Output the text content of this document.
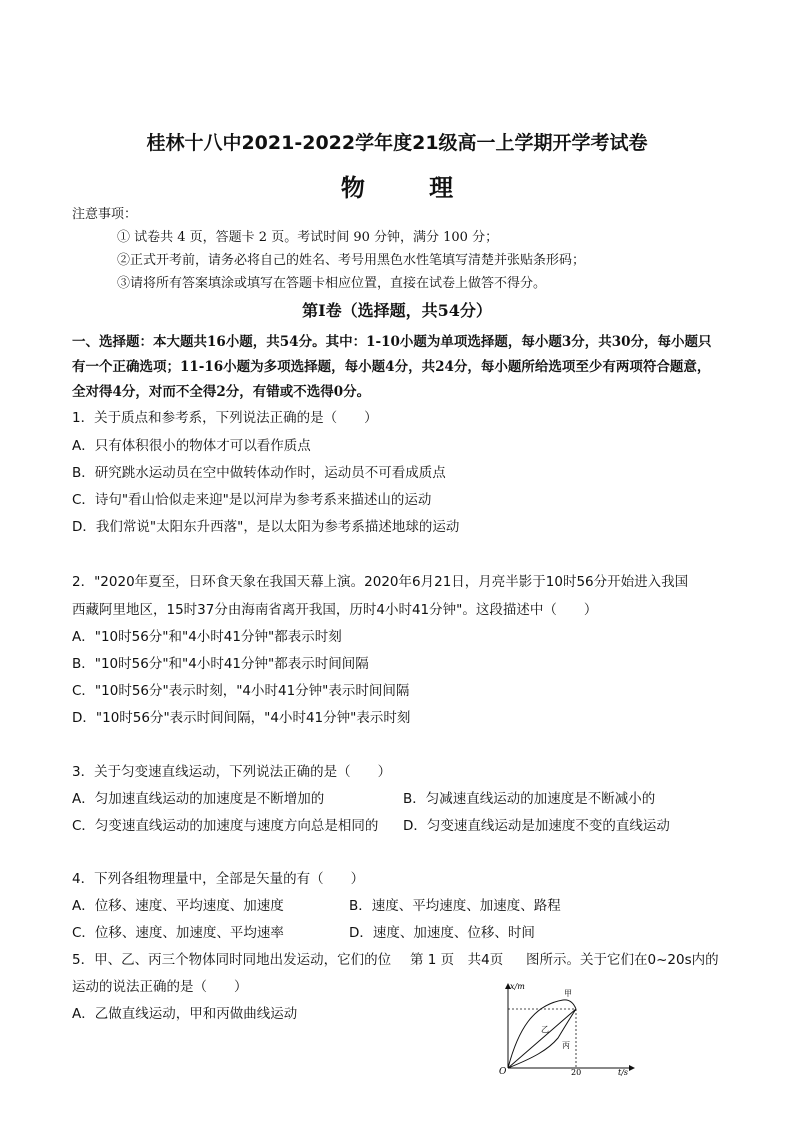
桂林十八中2021-2022学年度21级高一上学期开学考试卷
物 理
注意事项：
① 试卷共 4 页，答题卡 2 页。考试时间 90 分钟，满分 100 分；
②正式开考前，请务必将自己的姓名、考号用黑色水性笔填写清楚并张贴条形码；
③请将所有答案填涂或填写在答题卡相应位置，直接在试卷上做答不得分。
第Ⅰ卷（选择题，共54分）
一、选择题：本大题共16小题，共54分。其中：1-10小题为单项选择题，每小题3分，共30分，每小题只有一个正确选项；11-16小题为多项选择题，每小题4分，共24分，每小题所给选项至少有两项符合题意，全对得4分，对而不全得2分，有错或不选得0分。
1．关于质点和参考系，下列说法正确的是（　　）
A．只有体积很小的物体才可以看作质点
B．研究跳水运动员在空中做转体动作时，运动员不可看成质点
C．诗句"看山恰似走来迎"是以河岸为参考系来描述山的运动
D．我们常说"太阳东升西落"，是以太阳为参考系描述地球的运动
2．"2020年夏至，日环食天象在我国天幕上演。2020年6月21日，月亮半影于10时56分开始进入我国
西藏阿里地区，15时37分由海南省离开我国，历时4小时41分钟"。这段描述中（　　）
A．"10时56分"和"4小时41分钟"都表示时刻
B．"10时56分"和"4小时41分钟"都表示时间间隔
C．"10时56分"表示时刻，"4小时41分钟"表示时间间隔
D．"10时56分"表示时间间隔，"4小时41分钟"表示时刻
3．关于匀变速直线运动，下列说法正确的是（　　）
A．匀加速直线运动的加速度是不断增加的	B．匀减速直线运动的加速度是不断减小的
C．匀变速直线运动的加速度与速度方向总是相同的 D．匀变速直线运动是加速度不变的直线运动
4．下列各组物理量中，全部是矢量的有（　　）
A．位移、速度、平均速度、加速度	B．速度、平均速度、加速度、路程
C．位移、速度、加速度、平均速率	D．速度、加速度、位移、时间
5．甲、乙、丙三个物体同时同地出发运动，它们的位	图所示。关于它们在0~20s内的
运动的说法正确的是（　　）
A．乙做直线运动，甲和丙做曲线运动
第 1 页　共4页
x/m
t/s
O	20
甲
乙
丙
